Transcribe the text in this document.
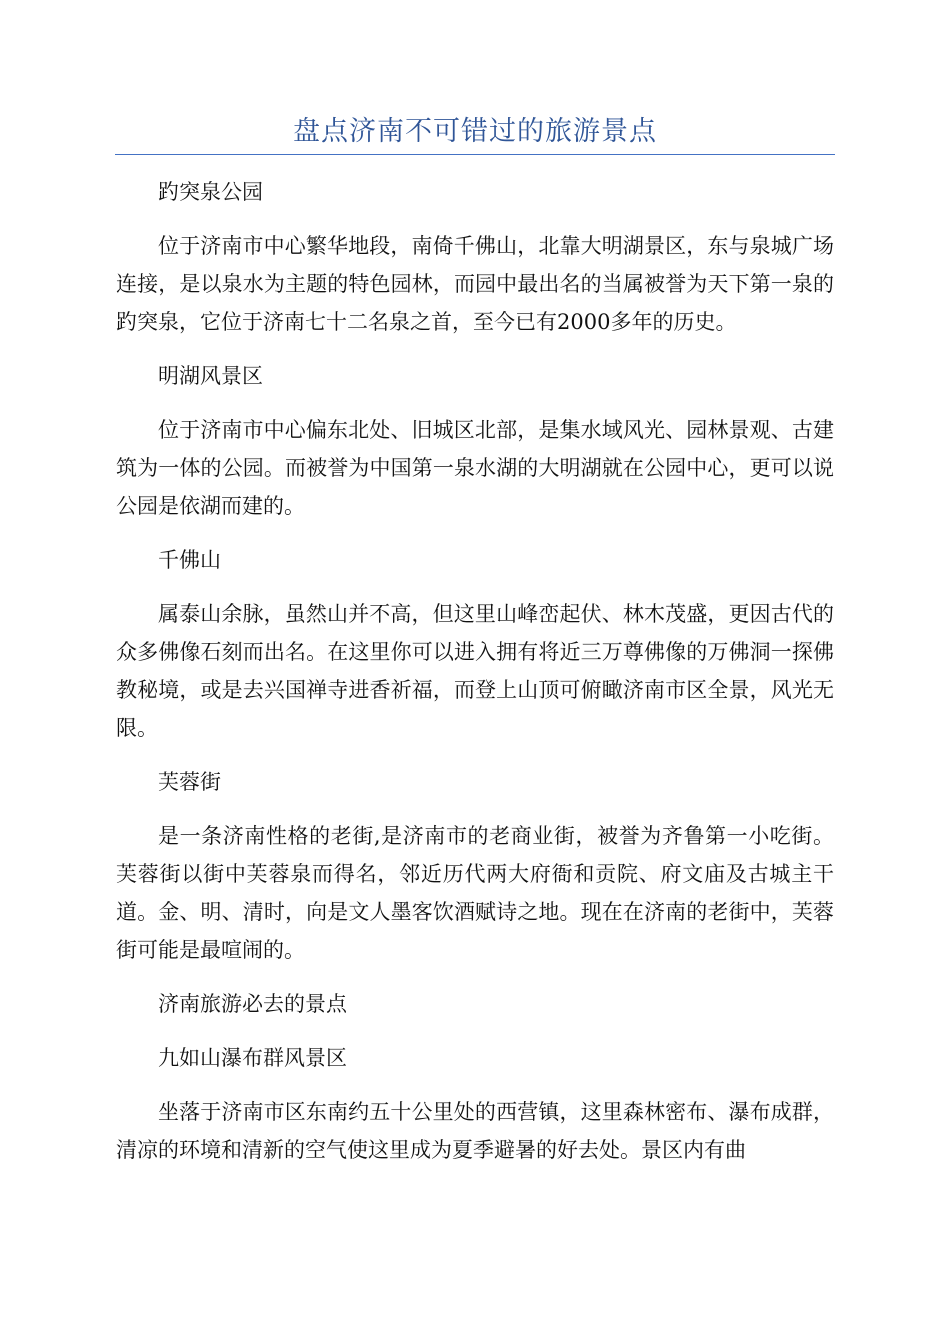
盘点济南不可错过的旅游景点

趵突泉公园

位于济南市中心繁华地段，南倚千佛山，北靠大明湖景区，东与泉城广场连接，是以泉水为主题的特色园林，而园中最出名的当属被誉为天下第一泉的趵突泉，它位于济南七十二名泉之首，至今已有2000多年的历史。

明湖风景区

位于济南市中心偏东北处、旧城区北部，是集水域风光、园林景观、古建筑为一体的公园。而被誉为中国第一泉水湖的大明湖就在公园中心，更可以说公园是依湖而建的。

千佛山

属泰山余脉，虽然山并不高，但这里山峰峦起伏、林木茂盛，更因古代的众多佛像石刻而出名。在这里你可以进入拥有将近三万尊佛像的万佛洞一探佛教秘境，或是去兴国禅寺进香祈福，而登上山顶可俯瞰济南市区全景，风光无限。

芙蓉街

是一条济南性格的老街,是济南市的老商业街，被誉为齐鲁第一小吃街。芙蓉街以街中芙蓉泉而得名，邻近历代两大府衙和贡院、府文庙及古城主干道。金、明、清时，向是文人墨客饮酒赋诗之地。现在在济南的老街中，芙蓉街可能是最喧闹的。

济南旅游必去的景点

九如山瀑布群风景区

坐落于济南市区东南约五十公里处的西营镇，这里森林密布、瀑布成群，清凉的环境和清新的空气使这里成为夏季避暑的好去处。景区内有曲
